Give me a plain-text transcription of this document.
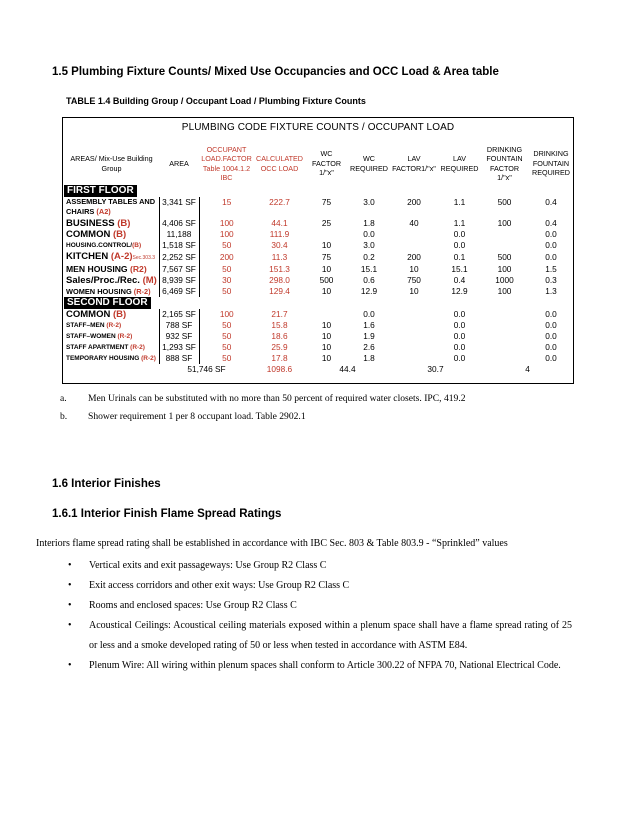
1.5 Plumbing Fixture Counts/ Mixed Use Occupancies and OCC Load & Area table
TABLE 1.4 Building Group / Occupant Load / Plumbing Fixture Counts
PLUMBING CODE FIXTURE COUNTS / OCCUPANT LOAD
AREAS/ Mix-Use Building Group	AREA	OCCUPANT LOAD.FACTOR Table 1004.1.2 IBC	CALCULATED OCC LOAD	WC FACTOR 1/"x"	WC REQUIRED	LAV FACTOR1/"x"	LAV REQUIRED	DRINKING FOUNTAIN FACTOR 1/"x"	DRINKING FOUNTAIN REQUIRED
FIRST FLOOR									
ASSEMBLY TABLES AND CHAIRS (A2)	3,341 SF	15	222.7	75	3.0	200	1.1	500	0.4
BUSINESS (B)	4,406 SF	100	44.1	25	1.8	40	1.1	100	0.4
COMMON (B)	11,188	100	111.9		0.0		0.0		0.0
HOUSING.CONTROL/(B)	1,518 SF	50	30.4	10	3.0		0.0		0.0
KITCHEN (A-2)Sec.303.3	2,252 SF	200	11.3	75	0.2	200	0.1	500	0.0
MEN HOUSING (R2)	7,567 SF	50	151.3	10	15.1	10	15.1	100	1.5
Sales/Proc./Rec. (M)	8,939 SF	30	298.0	500	0.6	750	0.4	1000	0.3
WOMEN HOUSING (R-2)	6,469 SF	50	129.4	10	12.9	10	12.9	100	1.3
SECOND FLOOR									
COMMON (B)	2,165 SF	100	21.7		0.0		0.0		0.0
STAFF–MEN (R-2)	788 SF	50	15.8	10	1.6		0.0		0.0
STAFF–WOMEN (R-2)	932 SF	50	18.6	10	1.9		0.0		0.0
STAFF APARTMENT (R-2)	1,293 SF	50	25.9	10	2.6		0.0		0.0
TEMPORARY HOUSING (R-2)	888 SF	50	17.8	10	1.8		0.0		0.0
	51,746 SF		1098.6	44.4		30.7		4	
a. Men Urinals can be substituted with no more than 50 percent of required water closets. IPC, 419.2
b. Shower requirement 1 per 8 occupant load. Table 2902.1
1.6 Interior Finishes
1.6.1 Interior Finish Flame Spread Ratings
Interiors flame spread rating shall be established in accordance with IBC Sec. 803 & Table 803.9 - “Sprinkled” values
• Vertical exits and exit passageways: Use Group R2 Class C
• Exit access corridors and other exit ways: Use Group R2 Class C
• Rooms and enclosed spaces: Use Group R2 Class C
• Acoustical Ceilings: Acoustical ceiling materials exposed within a plenum space shall have a flame spread rating of 25 or less and a smoke developed rating of 50 or less when tested in accordance with ASTM E84.
• Plenum Wire: All wiring within plenum spaces shall conform to Article 300.22 of NFPA 70, National Electrical Code.
